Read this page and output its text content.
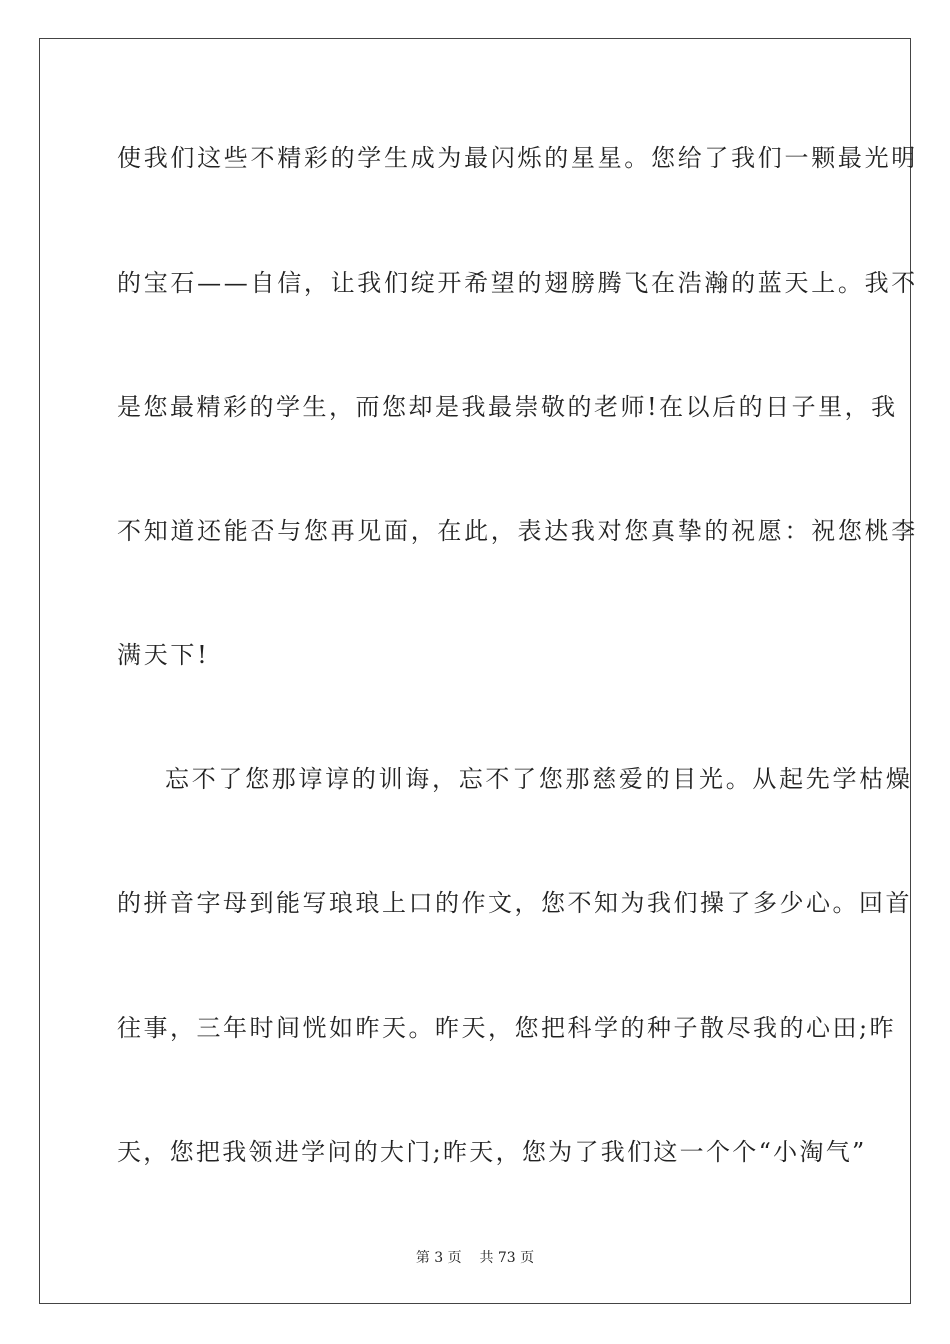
使我们这些不精彩的学生成为最闪烁的星星。您给了我们一颗最光明
的宝石——自信，让我们绽开希望的翅膀腾飞在浩瀚的蓝天上。我不
是您最精彩的学生，而您却是我最崇敬的老师!在以后的日子里，我
不知道还能否与您再见面，在此，表达我对您真挚的祝愿：祝您桃李
满天下!
忘不了您那谆谆的训诲，忘不了您那慈爱的目光。从起先学枯燥
的拼音字母到能写琅琅上口的作文，您不知为我们操了多少心。回首
往事，三年时间恍如昨天。昨天，您把科学的种子散尽我的心田;昨
天，您把我领进学问的大门;昨天，您为了我们这一个个“小淘气”
第 3 页 共 73 页
